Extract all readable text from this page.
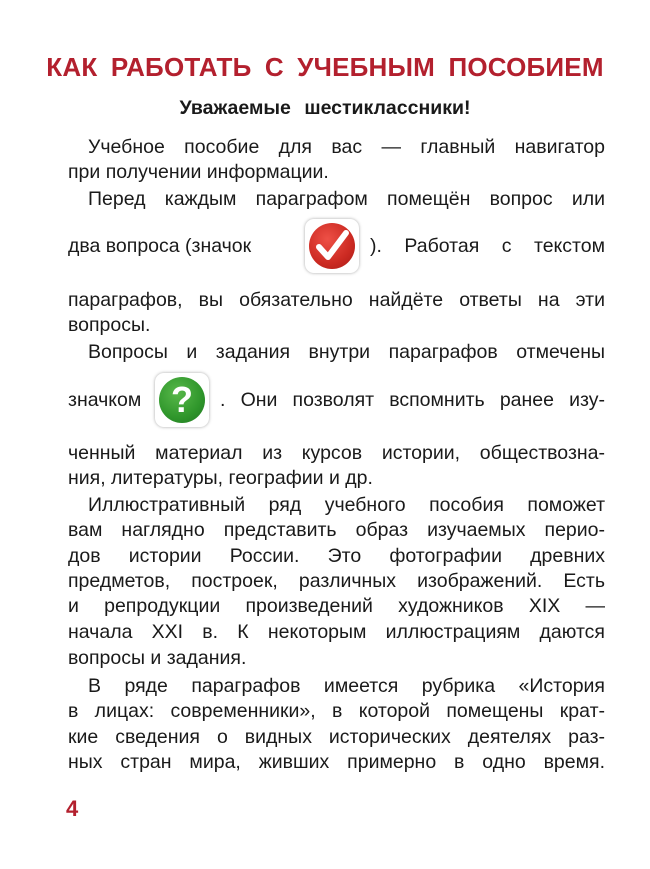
КАК РАБОТАТЬ С УЧЕБНЫМ ПОСОБИЕМ
Уважаемые шестиклассники!
Учебное пособие для вас — главный навигатор
при получении информации.
Перед каждым параграфом помещён вопрос или
два вопроса (значок	). Работая с текстом
параграфов, вы обязательно найдёте ответы на эти
вопросы.
Вопросы и задания внутри параграфов отмечены
значком ?	. Они позволят вспомнить ранее изу-
ченный материал из курсов истории, обществозна-
ния, литературы, географии и др.
Иллюстративный ряд учебного пособия поможет
вам наглядно представить образ изучаемых перио-
дов истории России. Это фотографии древних
предметов, построек, различных изображений. Есть
и репродукции произведений художников XIX —
начала XXI в. К некоторым иллюстрациям даются
вопросы и задания.
В ряде параграфов имеется рубрика «История
в лицах: современники», в которой помещены крат-
кие сведения о видных исторических деятелях раз-
ных стран мира, живших примерно в одно время.
4
